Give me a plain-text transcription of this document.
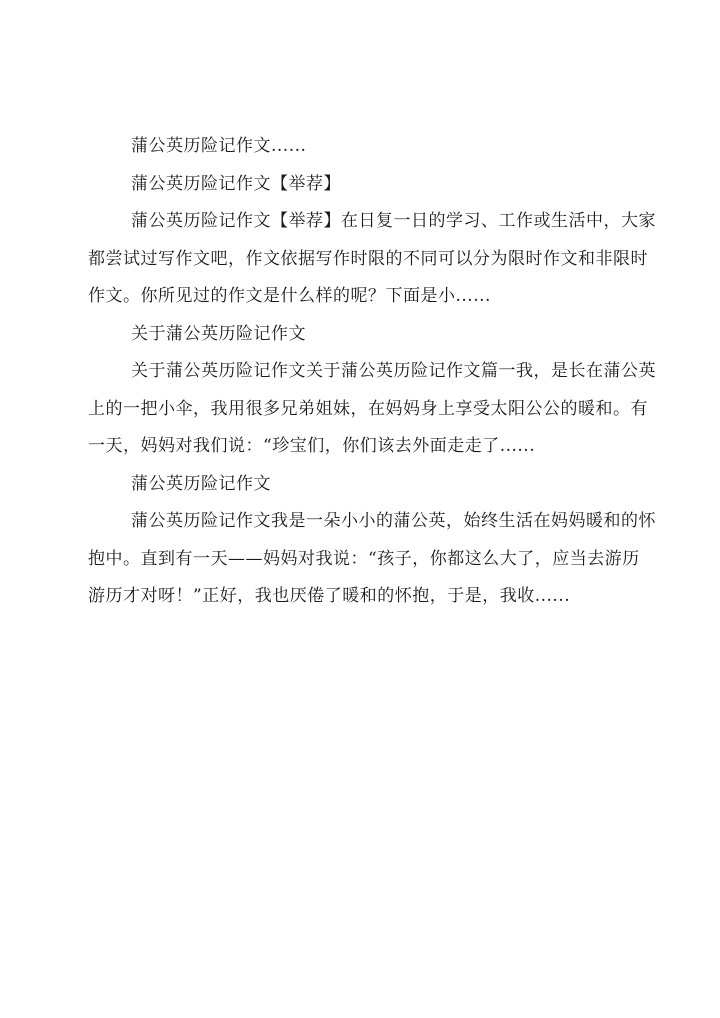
蒲公英历险记作文......

蒲公英历险记作文【举荐】

蒲公英历险记作文【举荐】在日复一日的学习、工作或生活中，大家

都尝试过写作文吧，作文依据写作时限的不同可以分为限时作文和非限时

作文。你所见过的作文是什么样的呢？下面是小......

关于蒲公英历险记作文

关于蒲公英历险记作文关于蒲公英历险记作文篇一我，是长在蒲公英

上的一把小伞，我用很多兄弟姐妹，在妈妈身上享受太阳公公的暖和。有

一天，妈妈对我们说：“珍宝们，你们该去外面走走了......

蒲公英历险记作文

蒲公英历险记作文我是一朵小小的蒲公英，始终生活在妈妈暖和的怀

抱中。直到有一天——妈妈对我说：“孩子，你都这么大了，应当去游历

游历才对呀！”正好，我也厌倦了暖和的怀抱，于是，我收......
